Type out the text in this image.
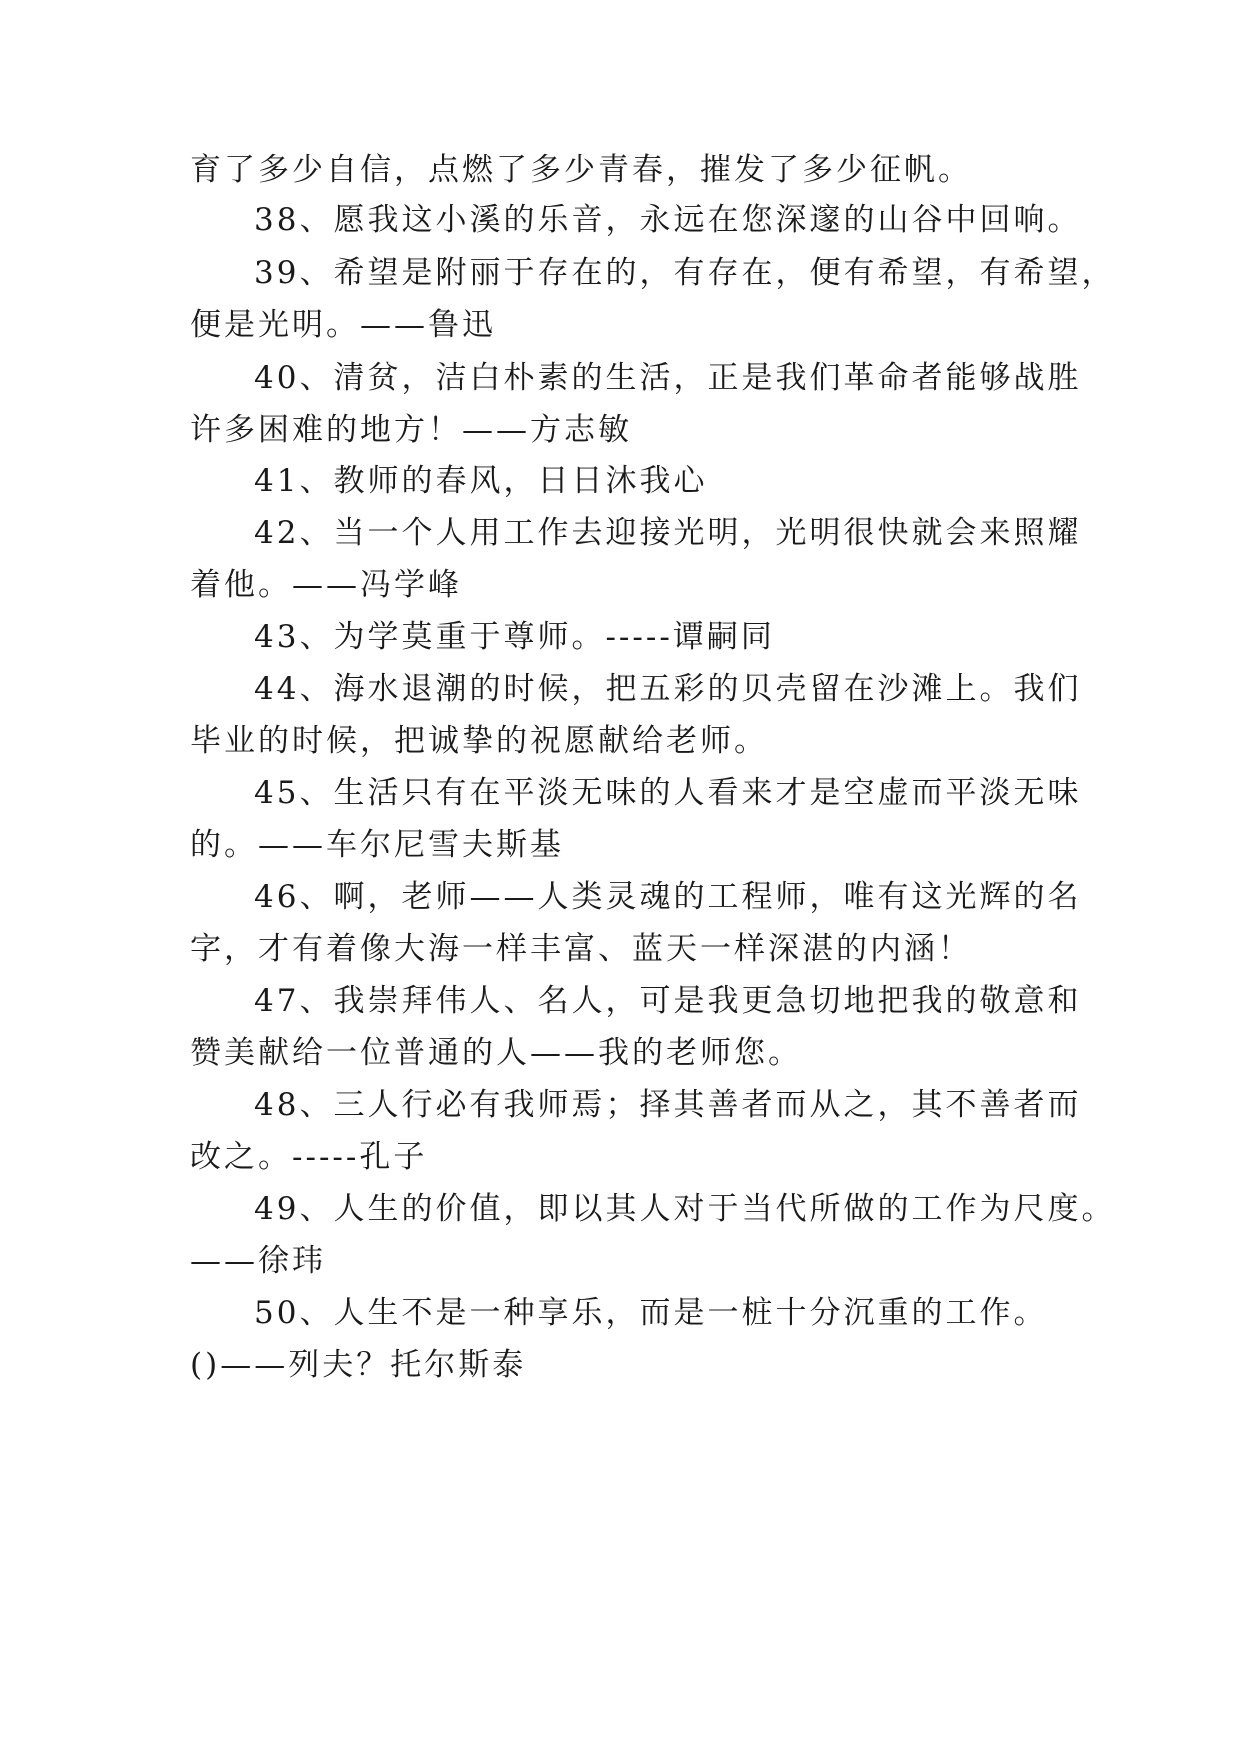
育了多少自信，点燃了多少青春，摧发了多少征帆。
38、愿我这小溪的乐音，永远在您深邃的山谷中回响。
39、希望是附丽于存在的，有存在，便有希望，有希望，
便是光明。——鲁迅
40、清贫，洁白朴素的生活，正是我们革命者能够战胜
许多困难的地方！——方志敏
41、教师的春风，日日沐我心
42、当一个人用工作去迎接光明，光明很快就会来照耀
着他。——冯学峰
43、为学莫重于尊师。-----谭嗣同
44、海水退潮的时候，把五彩的贝壳留在沙滩上。我们
毕业的时候，把诚挚的祝愿献给老师。
45、生活只有在平淡无味的人看来才是空虚而平淡无味
的。——车尔尼雪夫斯基
46、啊，老师——人类灵魂的工程师，唯有这光辉的名
字，才有着像大海一样丰富、蓝天一样深湛的内涵！
47、我崇拜伟人、名人，可是我更急切地把我的敬意和
赞美献给一位普通的人——我的老师您。
48、三人行必有我师焉；择其善者而从之，其不善者而
改之。-----孔子
49、人生的价值，即以其人对于当代所做的工作为尺度。
——徐玮
50、人生不是一种享乐，而是一桩十分沉重的工作。
()——列夫？托尔斯泰
